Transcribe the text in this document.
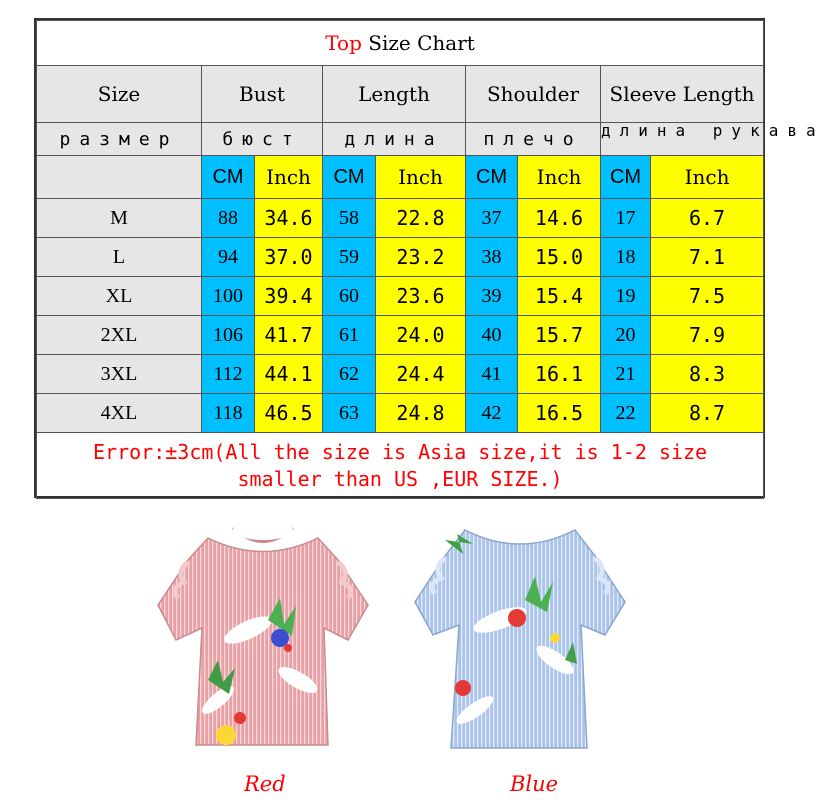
Top Size Chart								
Size	Bust		Length		Shoulder		Sleeve Length	
размер	бюст		длина		плечо		длина рукава	
	CM	Inch	CM	Inch	CM	Inch	CM	Inch
M	88	34.6	58	22.8	37	14.6	17	6.7
L	94	37.0	59	23.2	38	15.0	18	7.1
XL	100	39.4	60	23.6	39	15.4	19	7.5
2XL	106	41.7	61	24.0	40	15.7	20	7.9
3XL	112	44.1	62	24.4	41	16.1	21	8.3
4XL	118	46.5	63	24.8	42	16.5	22	8.7
Error:±3cm(All the size is Asia size,it is 1-2 size smaller than US ,EUR SIZE.)								
Red	Blue
